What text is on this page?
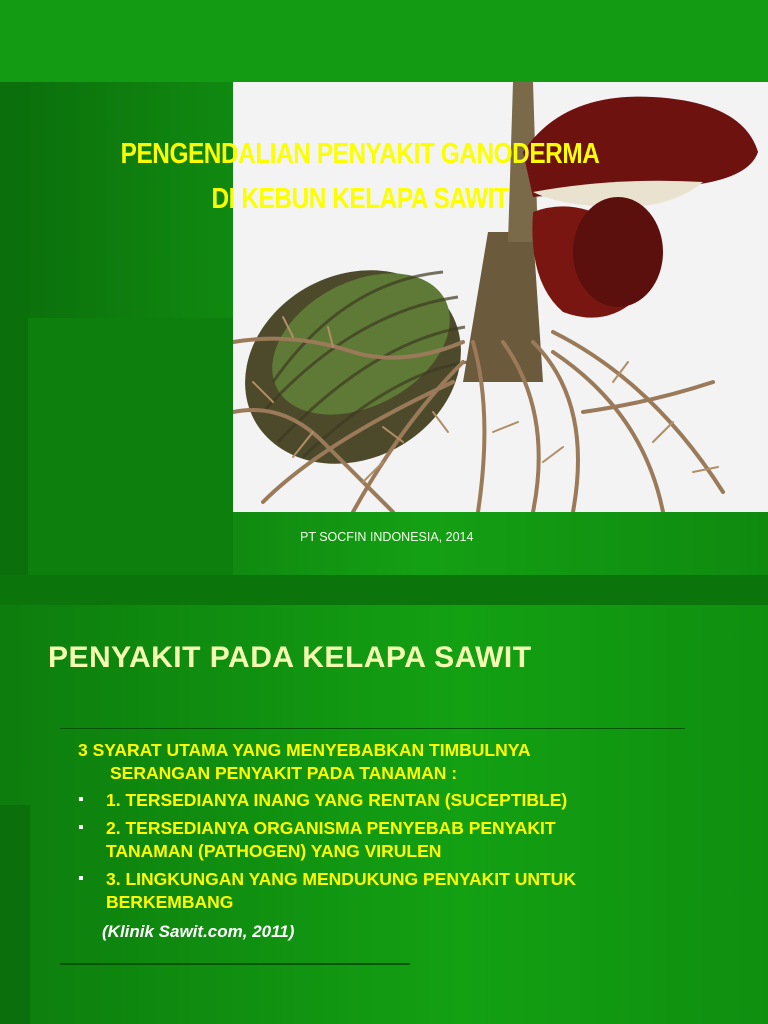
PENGENDALIAN PENYAKIT GANODERMA
DI KEBUN KELAPA SAWIT

PT SOCFIN INDONESIA, 2014

PENYAKIT PADA KELAPA SAWIT

3 SYARAT UTAMA YANG MENYEBABKAN TIMBULNYA
SERANGAN PENYAKIT PADA TANAMAN :

▪ 1. TERSEDIANYA INANG YANG RENTAN (SUCEPTIBLE)
▪ 2. TERSEDIANYA ORGANISMA PENYEBAB PENYAKIT
TANAMAN (PATHOGEN) YANG VIRULEN
▪ 3. LINGKUNGAN YANG MENDUKUNG PENYAKIT UNTUK
BERKEMBANG

(Klinik Sawit.com, 2011)
